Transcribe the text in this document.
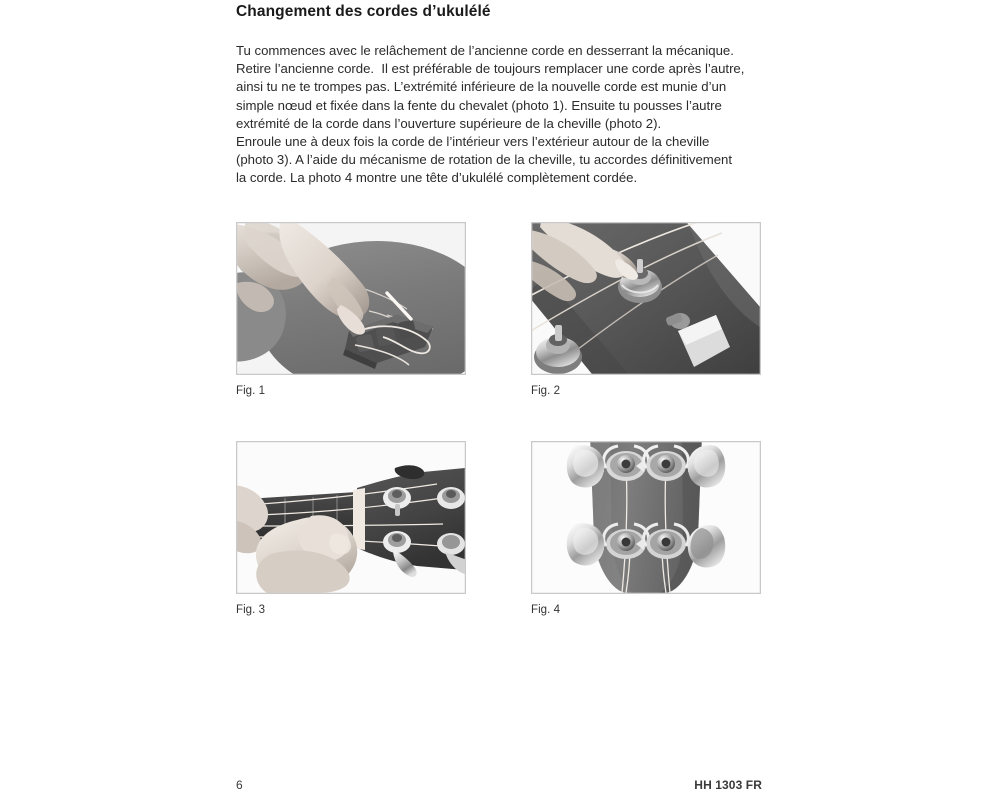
Changement des cordes d’ukulélé

Tu commences avec le relâchement de l’ancienne corde en desserrant la mécanique.
Retire l’ancienne corde.  Il est préférable de toujours remplacer une corde après l’autre,
ainsi tu ne te trompes pas. L’extrémité inférieure de la nouvelle corde est munie d’un
simple nœud et fixée dans la fente du chevalet (photo 1). Ensuite tu pousses l’autre
extrémité de la corde dans l’ouverture supérieure de la cheville (photo 2).
Enroule une à deux fois la corde de l’intérieur vers l’extérieur autour de la cheville
(photo 3). A l’aide du mécanisme de rotation de la cheville, tu accordes définitivement
la corde. La photo 4 montre une tête d’ukulélé complètement cordée.

Fig. 1	Fig. 2
Fig. 3	Fig. 4
6	HH 1303 FR
